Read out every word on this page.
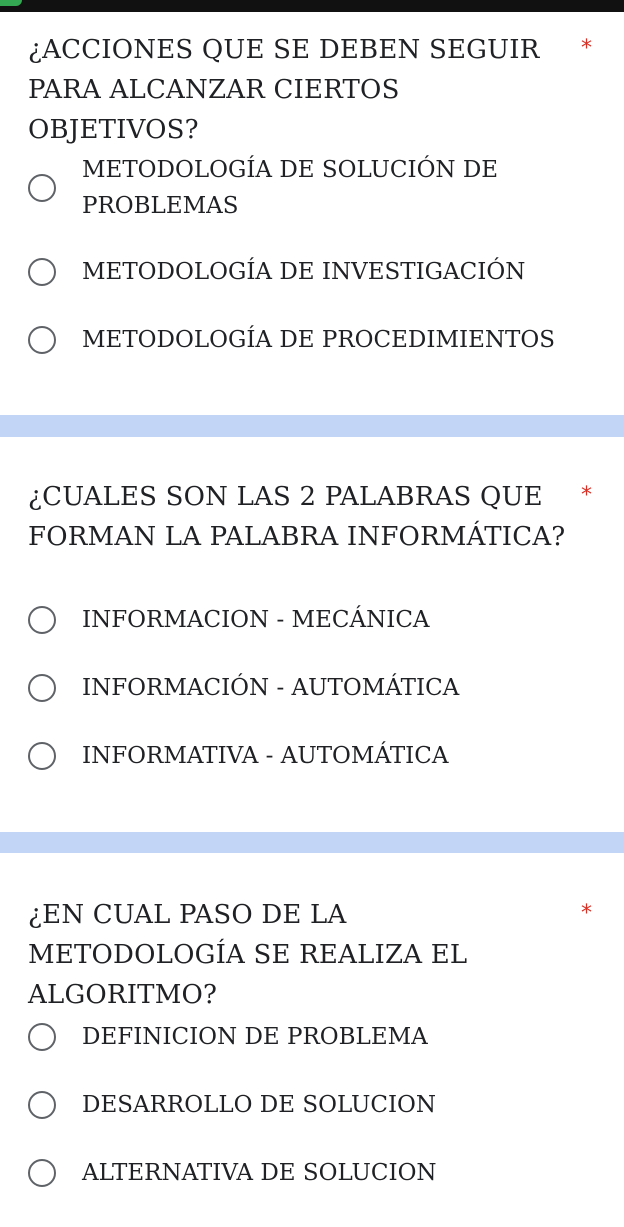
¿ACCIONES QUE SE DEBEN SEGUIR PARA ALCANZAR CIERTOS OBJETIVOS?
*
METODOLOGÍA DE SOLUCIÓN DE PROBLEMAS
METODOLOGÍA DE INVESTIGACIÓN
METODOLOGÍA DE PROCEDIMIENTOS
¿CUALES SON LAS 2 PALABRAS QUE FORMAN LA PALABRA INFORMÁTICA?
*
INFORMACION - MECÁNICA
INFORMACIÓN - AUTOMÁTICA
INFORMATIVA - AUTOMÁTICA
¿EN CUAL PASO DE LA METODOLOGÍA SE REALIZA EL ALGORITMO?
*
DEFINICION DE PROBLEMA
DESARROLLO DE SOLUCION
ALTERNATIVA DE SOLUCION
